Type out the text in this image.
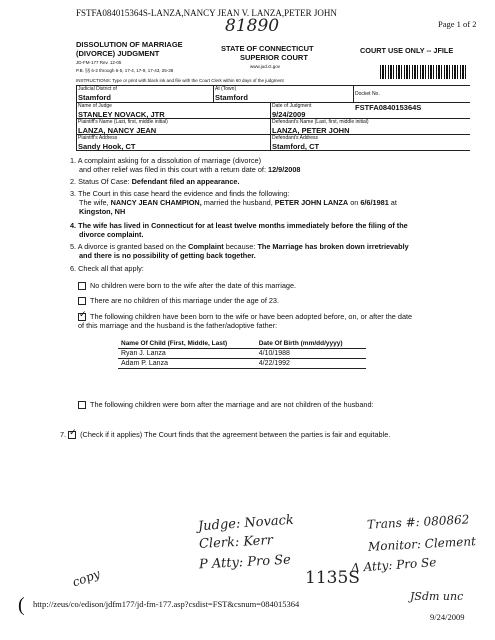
FSTFA084015364S-LANZA,NANCY JEAN V. LANZA,PETER JOHN
Page 1 of 2
81890
DISSOLUTION OF MARRIAGE
(DIVORCE) JUDGMENT
JD-FM-177 Rev. 12-05
P.B. §§ 6-2 through 6-5, 17-4, 17-9, 17-43, 25-38
STATE OF CONNECTICUT
SUPERIOR COURT
www.jud.ct.gov
COURT USE ONLY -- JFILE
INSTRUCTIONS: Type or print with black ink and file with the Court Clerk within 60 days of the judgment
Judicial District of
Stamford
At (Town)
Stamford	Docket No.
FSTFA084015364S
Name of Judge
STANLEY NOVACK, JTR
Date of Judgment
9/24/2009
Plaintiff's Name (Last, first, middle initial)
LANZA, NANCY JEAN
Defendant's Name (Last, first, middle initial)
LANZA, PETER JOHN
Plaintiff's Address
Sandy Hook, CT
Defendant's Address
Stamford, CT
1. A complaint asking for a dissolution of marriage (divorce)
and other relief was filed in this court with a return date of: 12/9/2008
2. Status Of Case: Defendant filed an appearance.
3. The Court in this case heard the evidence and finds the following:
The wife, NANCY JEAN CHAMPION, married the husband, PETER JOHN LANZA on 6/6/1981 at
Kingston, NH
4. The wife has lived in Connecticut for at least twelve months immediately before the filing of the
divorce complaint.
5. A divorce is granted based on the Complaint because: The Marriage has broken down irretrievably
and there is no possibility of getting back together.
6. Check all that apply:
No children were born to the wife after the date of this marriage.
There are no children of this marriage under the age of 23.
✓The following children have been born to the wife or have been adopted before, on, or after the date
of this marriage and the husband is the father/adoptive father:
Name Of Child (First, Middle, Last)	Date Of Birth (mm/dd/yyyy)
Ryan J. Lanza	4/10/1988
Adam P. Lanza	4/22/1992
The following children were born after the marriage and are not children of the husband:
7. ✓ (Check if it applies) The Court finds that the agreement between the parties is fair and equitable.
Judge: Novack
Clerk: Kerr
P Atty: Pro Se
Trans #: 080862
Monitor: Clement
Δ Atty: Pro Se
copy	1135S
JSdm unc
( http://zeus/co/edison/jdfm177/jd-fm-177.asp?csdist=FST&csnum=084015364
9/24/2009
